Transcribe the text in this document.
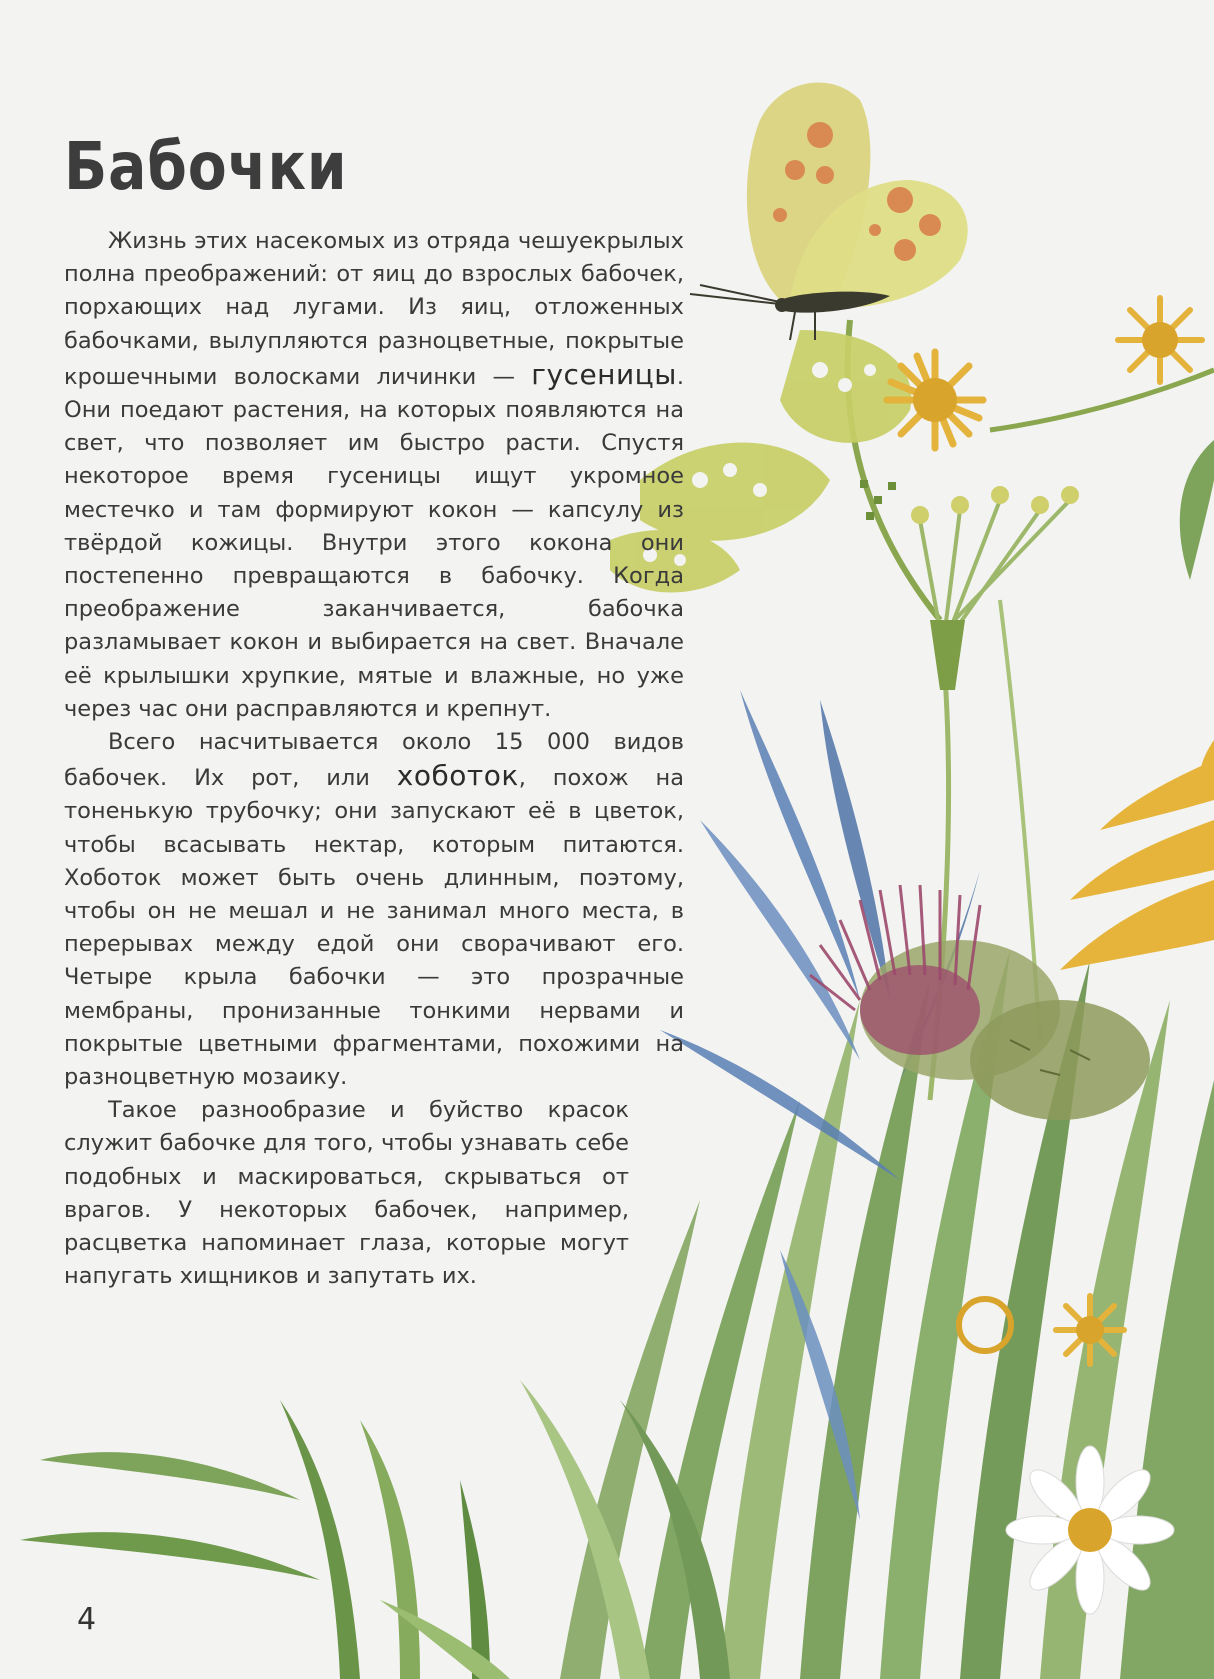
Бабочки

Жизнь этих насекомых из отряда чешуекрылых полна преображений: от яиц до взрослых бабочек, порхающих над лугами. Из яиц, отложенных бабочками, вылупляются разноцветные, покрытые крошечными волосками личинки — гусеницы. Они поедают растения, на которых появляются на свет, что позволяет им быстро расти. Спустя некоторое время гусеницы ищут укромное местечко и там формируют кокон — капсулу из твёрдой кожицы. Внутри этого кокона они постепенно превращаются в бабочку. Когда преображение заканчивается, бабочка разламывает кокон и выбирается на свет. Вначале её крылышки хрупкие, мятые и влажные, но уже через час они расправляются и крепнут.

Всего насчитывается около 15 000 видов бабочек. Их рот, или хоботок, похож на тоненькую трубочку; они запускают её в цветок, чтобы всасывать нектар, которым питаются. Хоботок может быть очень длинным, поэтому, чтобы он не мешал и не занимал много места, в перерывах между едой они сворачивают его. Четыре крыла бабочки — это прозрачные мембраны, пронизанные тонкими нервами и покрытые цветными фрагментами, похожими на разноцветную мозаику.

Такое разнообразие и буйство красок служит бабочке для того, чтобы узнавать себе подобных и маскироваться, скрываться от врагов. У некоторых бабочек, например, расцветка напоминает глаза, которые могут напугать хищников и запутать их.

4
